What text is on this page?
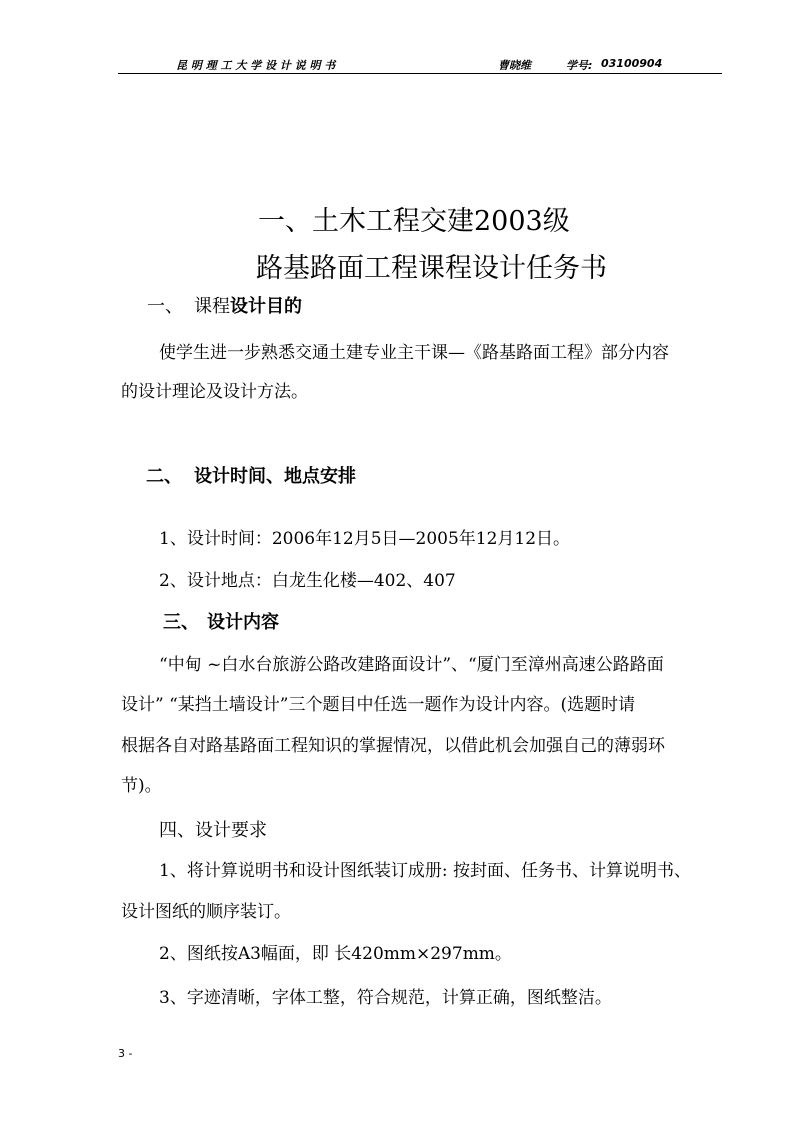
昆 明 理 工 大 学 设 计 说 明 书	曹晓维	学号: 03100904
一、土木工程交建2003级
路基路面工程课程设计任务书
一、 课程设计目的
使学生进一步熟悉交通土建专业主干课—《路基路面工程》部分内容
的设计理论及设计方法。
二、 设计时间、地点安排
1、设计时间：2006年12月5日—2005年12月12日。
2、设计地点：白龙生化楼—402、407
三、 设计内容
“中甸 ~白水台旅游公路改建路面设计”、“厦门至漳州高速公路路面
设计” “某挡土墙设计”三个题目中任选一题作为设计内容。(选题时请
根据各自对路基路面工程知识的掌握情况，以借此机会加强自己的薄弱环
节)。
四、设计要求
1、将计算说明书和设计图纸装订成册: 按封面、任务书、计算说明书、
设计图纸的顺序装订。
2、图纸按A3幅面，即 长420mm×297mm。
3、字迹清晰，字体工整，符合规范，计算正确，图纸整洁。
3 -
